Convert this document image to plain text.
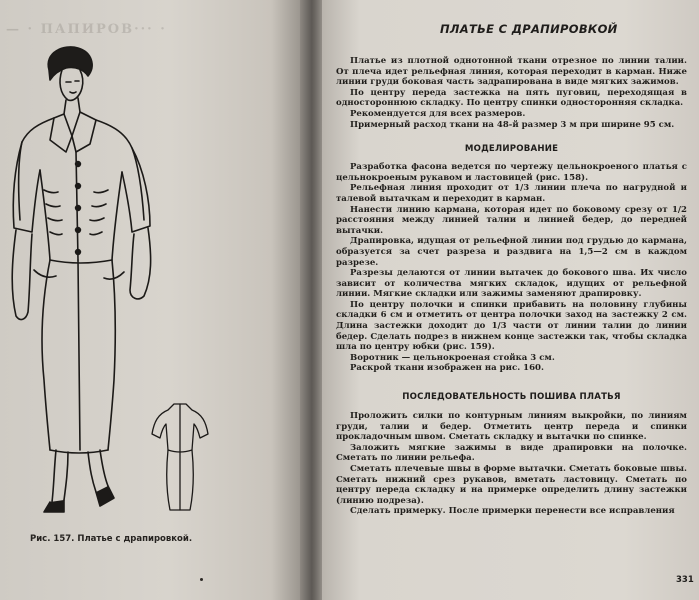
— · ПАПИРОВ··· ·
Рис. 157. Платье с драпировкой.
ПЛАТЬЕ С ДРАПИРОВКОЙ

Платье из плотной однотонной ткани отрезное по линии талии. От плеча идет рельефная линия, которая переходит в карман. Ниже линии груди боковая часть задрапирована в виде мягких зажимов.

По центру переда застежка на пять пуговиц, переходящая в одностороннюю складку. По центру спинки односторонняя складка.

Рекомендуется для всех размеров.

Примерный расход ткани на 48-й размер 3 м при ширине 95 см.

МОДЕЛИРОВАНИЕ

Разработка фасона ведется по чертежу цельнокроеного платья с цельнокроеным рукавом и ластовицей (рис. 158).

Рельефная линия проходит от 1/3 линии плеча по нагрудной и талевой вытачкам и переходит в карман.

Нанести линию кармана, которая идет по боковому срезу от 1/2 расстояния между линией талии и линией бедер, до передней вытачки.

Драпировка, идущая от рельефной линии под грудью до кармана, образуется за счет разреза и раздвига на 1,5—2 см в каждом разрезе.

Разрезы делаются от линии вытачек до бокового шва. Их число зависит от количества мягких складок, идущих от рельефной линии. Мягкие складки или зажимы заменяют драпировку.

По центру полочки и спинки прибавить на половину глубины складки 6 см и отметить от центра полочки заход на застежку 2 см. Длина застежки доходит до 1/3 части от линии талии до линии бедер. Сделать подрез в нижнем конце застежки так, чтобы складка шла по центру юбки (рис. 159).

Воротник — цельнокроеная стойка 3 см.

Раскрой ткани изображен на рис. 160.

ПОСЛЕДОВАТЕЛЬНОСТЬ ПОШИВА ПЛАТЬЯ

Проложить силки по контурным линиям выкройки, по линиям груди, талии и бедер. Отметить центр переда и спинки прокладочным швом. Сметать складку и вытачки по спинке.

Заложить мягкие зажимы в виде драпировки на полочке. Сметать по линии рельефа.

Сметать плечевые швы в форме вытачки. Сметать боковые швы. Сметать нижний срез рукавов, вметать ластовицу. Сметать по центру переда складку и на примерке определить длину застежки (линию подреза).

Сделать примерку. После примерки перенести все исправления

331
